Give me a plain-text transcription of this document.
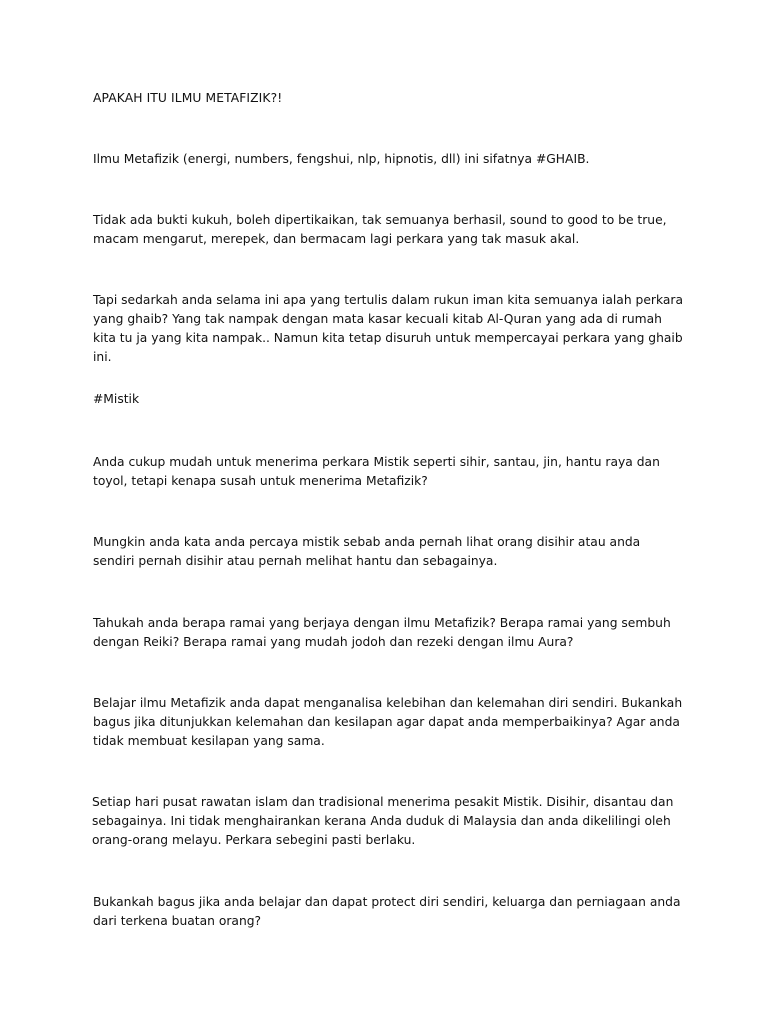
APAKAH ITU ILMU METAFIZIK?!

Ilmu Metafizik (energi, numbers, fengshui, nlp, hipnotis, dll) ini sifatnya #GHAIB.

Tidak ada bukti kukuh, boleh dipertikaikan, tak semuanya berhasil, sound to good to be true, macam mengarut, merepek, dan bermacam lagi perkara yang tak masuk akal.

Tapi sedarkah anda selama ini apa yang tertulis dalam rukun iman kita semuanya ialah perkara yang ghaib? Yang tak nampak dengan mata kasar kecuali kitab Al-Quran yang ada di rumah kita tu ja yang kita nampak.. Namun kita tetap disuruh untuk mempercayai perkara yang ghaib ini.

#Mistik

Anda cukup mudah untuk menerima perkara Mistik seperti sihir, santau, jin, hantu raya dan toyol, tetapi kenapa susah untuk menerima Metafizik?

Mungkin anda kata anda percaya mistik sebab anda pernah lihat orang disihir atau anda sendiri pernah disihir atau pernah melihat hantu dan sebagainya.

Tahukah anda berapa ramai yang berjaya dengan ilmu Metafizik? Berapa ramai yang sembuh dengan Reiki? Berapa ramai yang mudah jodoh dan rezeki dengan ilmu Aura?

Belajar ilmu Metafizik anda dapat menganalisa kelebihan dan kelemahan diri sendiri. Bukankah bagus jika ditunjukkan kelemahan dan kesilapan agar dapat anda memperbaikinya? Agar anda tidak membuat kesilapan yang sama.

Setiap hari pusat rawatan islam dan tradisional menerima pesakit Mistik. Disihir, disantau dan sebagainya. Ini tidak menghairankan kerana Anda duduk di Malaysia dan anda dikelilingi oleh orang-orang melayu. Perkara sebegini pasti berlaku.

Bukankah bagus jika anda belajar dan dapat protect diri sendiri, keluarga dan perniagaan anda dari terkena buatan orang?
